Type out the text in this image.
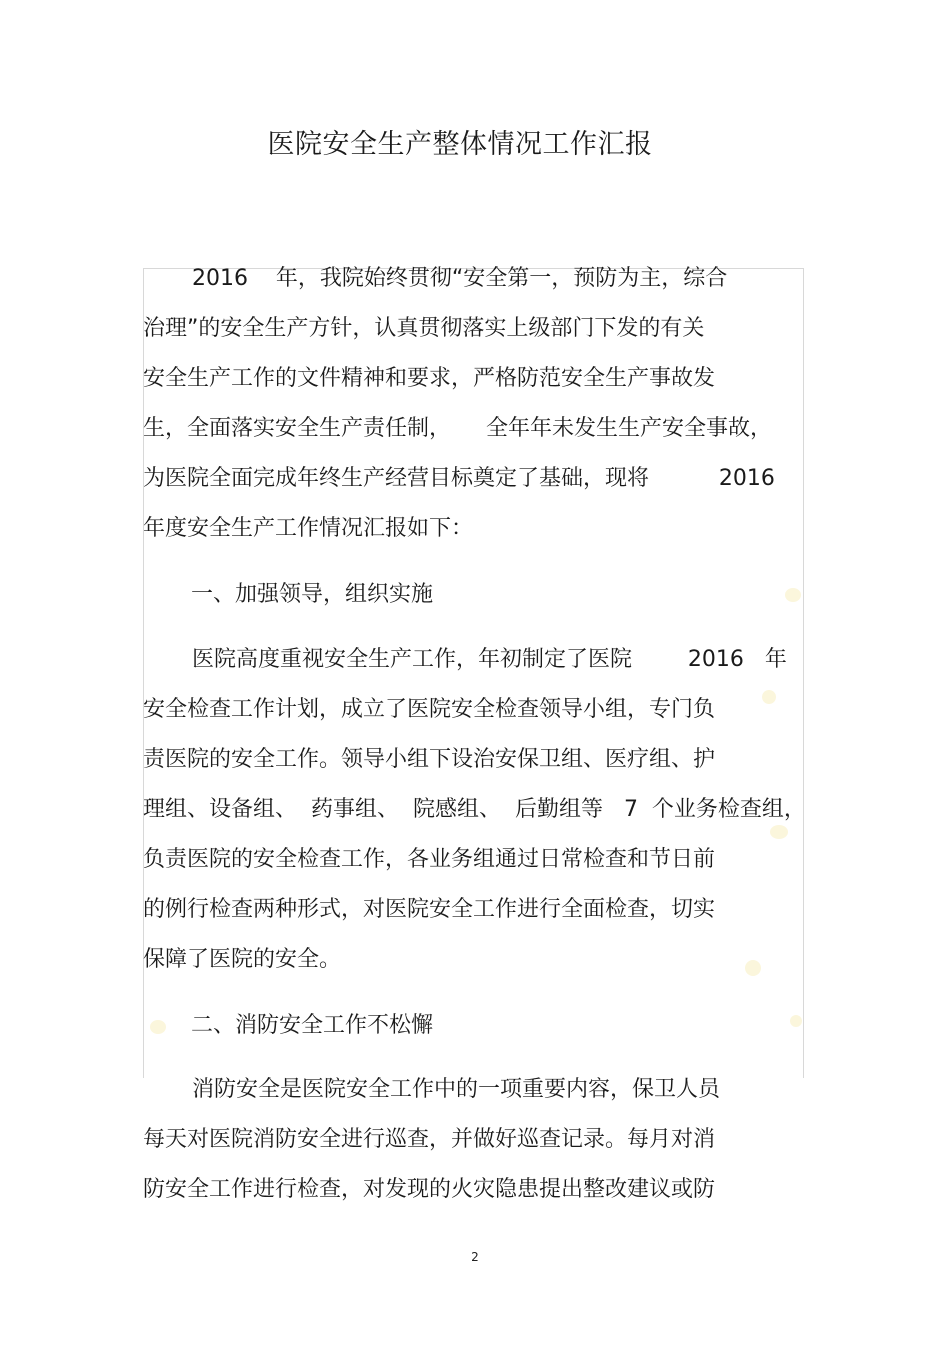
医院安全生产整体情况工作汇报
2016    年，我院始终贯彻“安全第一，预防为主，综合
治理”的安全生产方针，认真贯彻落实上级部门下发的有关
安全生产工作的文件精神和要求，严格防范安全生产事故发
生，全面落实安全生产责任制，     全年年未发生生产安全事故，
为医院全面完成年终生产经营目标奠定了基础，现将          2016
年度安全生产工作情况汇报如下：
一、加强领导，组织实施
医院高度重视安全生产工作，年初制定了医院        2016   年
安全检查工作计划，成立了医院安全检查领导小组，专门负
责医院的安全工作。领导小组下设治安保卫组、医疗组、护
理组、设备组、  药事组、  院感组、  后勤组等   7  个业务检查组，
负责医院的安全检查工作，各业务组通过日常检查和节日前
的例行检查两种形式，对医院安全工作进行全面检查，切实
保障了医院的安全。
二、消防安全工作不松懈
消防安全是医院安全工作中的一项重要内容，保卫人员
每天对医院消防安全进行巡查，并做好巡查记录。每月对消
防安全工作进行检查，对发现的火灾隐患提出整改建议或防
2
